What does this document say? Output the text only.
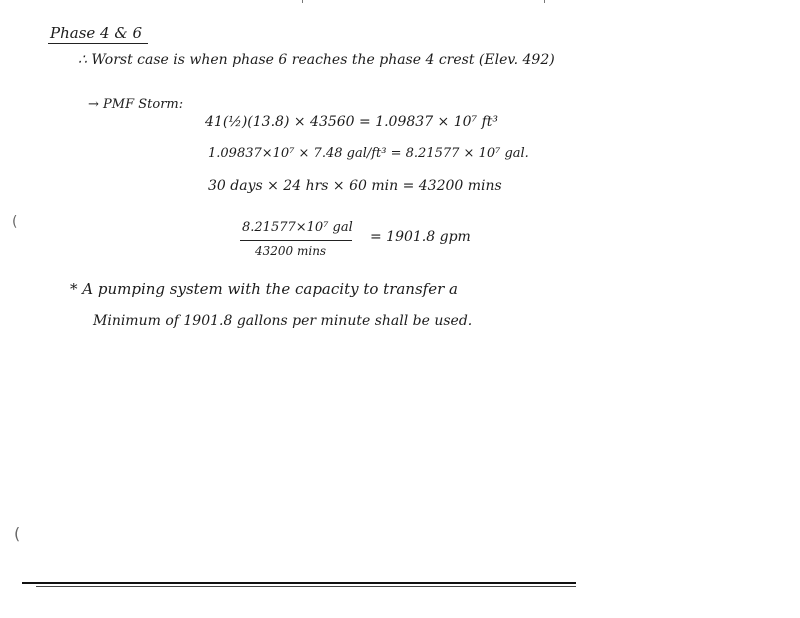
Phase 4 & 6
∴ Worst case is when phase 6 reaches the phase 4 crest (Elev. 492)
→ PMF Storm:
41(½)(13.8) × 43560 = 1.09837 × 10⁷ ft³
1.09837×10⁷ × 7.48 gal/ft³ = 8.21577 × 10⁷ gal.
30 days × 24 hrs × 60 min = 43200 mins
8.21577×10⁷ gal
43200 mins
= 1901.8 gpm
* A pumping system with the capacity to transfer a
Minimum of 1901.8 gallons per minute shall be used.
(
(
